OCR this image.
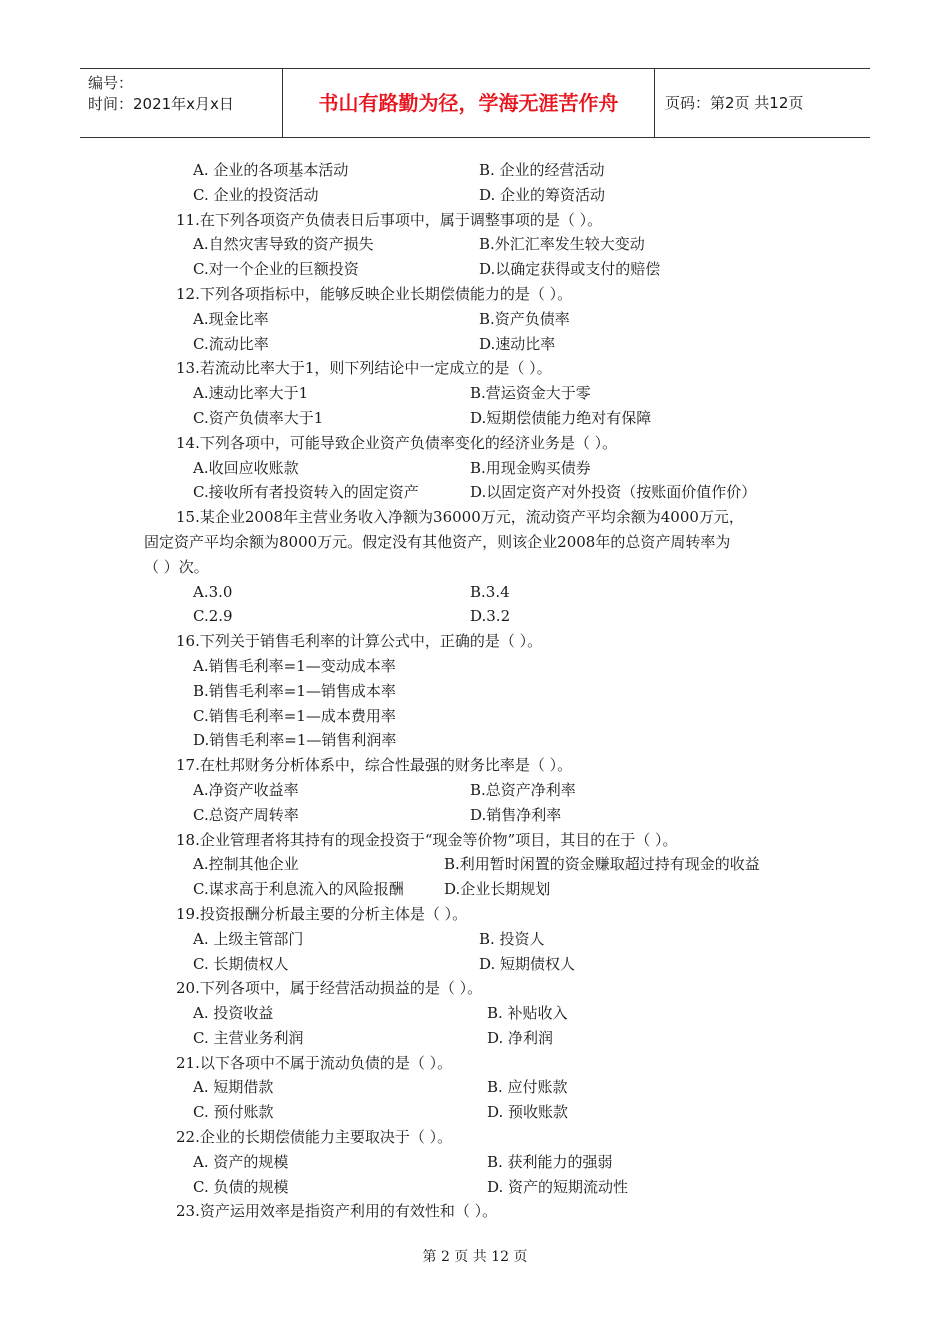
编号：
时间：2021年x月x日	书山有路勤为径，学海无涯苦作舟	页码：第2页 共12页
A. 企业的各项基本活动	B. 企业的经营活动
C. 企业的投资活动	D. 企业的筹资活动
11.在下列各项资产负债表日后事项中，属于调整事项的是（ ）。
A.自然灾害导致的资产损失	B.外汇汇率发生较大变动
C.对一个企业的巨额投资	D.以确定获得或支付的赔偿
12.下列各项指标中，能够反映企业长期偿债能力的是（ ）。
A.现金比率	B.资产负债率
C.流动比率	D.速动比率
13.若流动比率大于1，则下列结论中一定成立的是（ ）。
A.速动比率大于1	B.营运资金大于零
C.资产负债率大于1	D.短期偿债能力绝对有保障
14.下列各项中，可能导致企业资产负债率变化的经济业务是（ ）。
A.收回应收账款	B.用现金购买债券
C.接收所有者投资转入的固定资产	D.以固定资产对外投资（按账面价值作价）
15.某企业2008年主营业务收入净额为36000万元，流动资产平均余额为4000万元，
固定资产平均余额为8000万元。假定没有其他资产，则该企业2008年的总资产周转率为
（ ）次。
A.3.0	B.3.4
C.2.9	D.3.2
16.下列关于销售毛利率的计算公式中，正确的是（ ）。
A.销售毛利率=1—变动成本率
B.销售毛利率=1—销售成本率
C.销售毛利率=1—成本费用率
D.销售毛利率=1—销售利润率
17.在杜邦财务分析体系中，综合性最强的财务比率是（ ）。
A.净资产收益率	B.总资产净利率
C.总资产周转率	D.销售净利率
18.企业管理者将其持有的现金投资于“现金等价物”项目，其目的在于（ ）。
A.控制其他企业	B.利用暂时闲置的资金赚取超过持有现金的收益
C.谋求高于利息流入的风险报酬	D.企业长期规划
19.投资报酬分析最主要的分析主体是（ ）。
A. 上级主管部门	B. 投资人
C. 长期债权人	D. 短期债权人
20.下列各项中，属于经营活动损益的是（ ）。
A. 投资收益	B. 补贴收入
C. 主营业务利润	D. 净利润
21.以下各项中不属于流动负债的是（ ）。
A. 短期借款	B. 应付账款
C. 预付账款	D. 预收账款
22.企业的长期偿债能力主要取决于（ ）。
A. 资产的规模	B. 获利能力的强弱
C. 负债的规模	D. 资产的短期流动性
23.资产运用效率是指资产利用的有效性和（ ）。
第 2 页 共 12 页
